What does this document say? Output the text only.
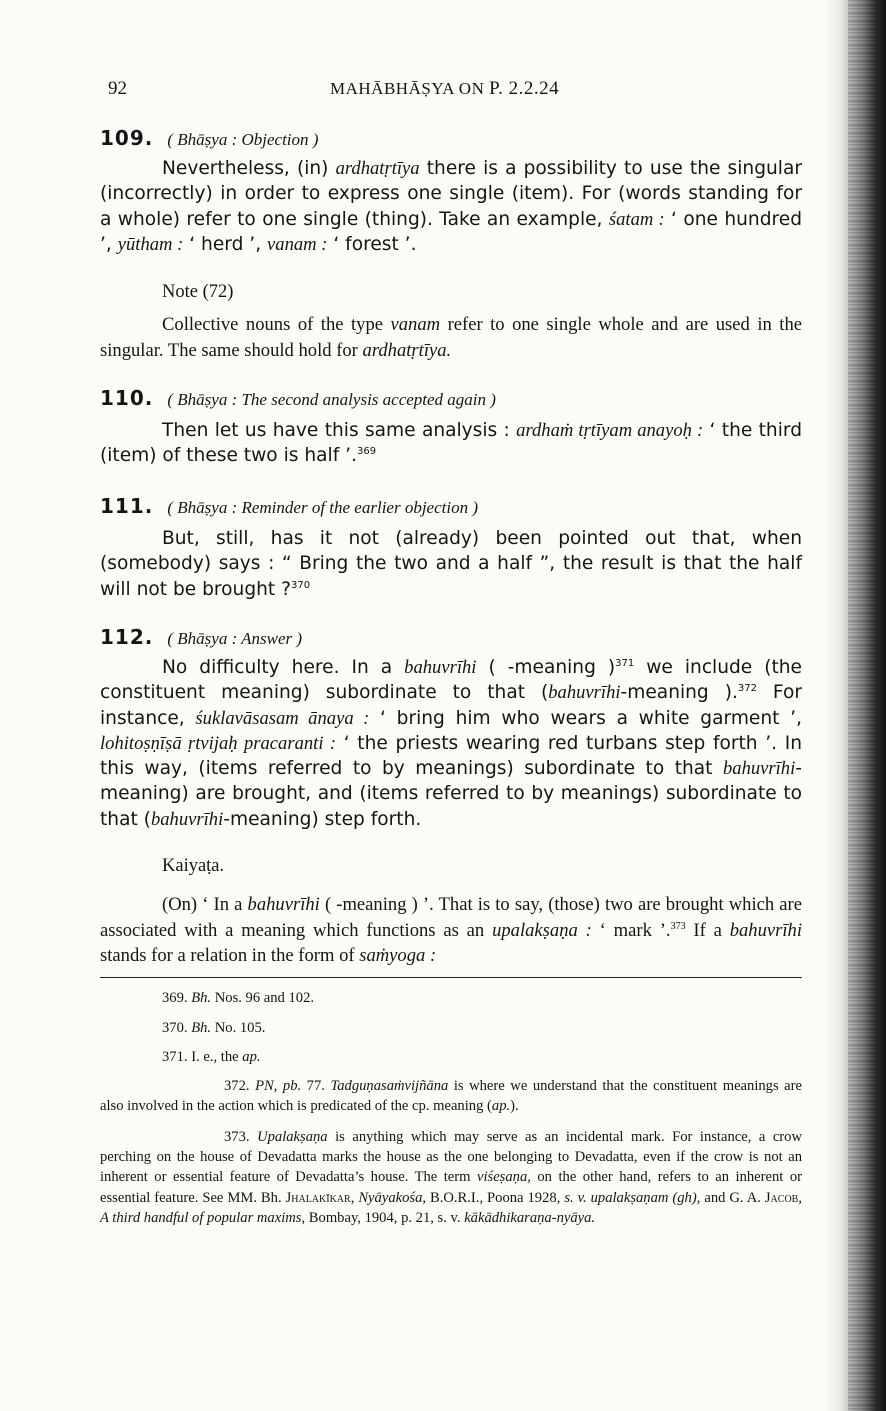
92	MAHĀBHĀṢYA ON P. 2.2.24
109. ( Bhāṣya : Objection )

Nevertheless, (in) ardhatṛtīya there is a possibility to use the singular (incorrectly) in order to express one single (item). For (words standing for a whole) refer to one single (thing). Take an example, śatam : ‘ one hundred ’, yūtham : ‘ herd ’, vanam : ‘ forest ’.

Note (72)

Collective nouns of the type vanam refer to one single whole and are used in the singular. The same should hold for ardhatṛtīya.

110. ( Bhāṣya : The second analysis accepted again )

Then let us have this same analysis : ardhaṁ tṛtīyam anayoḥ : ‘ the third (item) of these two is half ’.$^{369}$

111. ( Bhāṣya : Reminder of the earlier objection )

But, still, has it not (already) been pointed out that, when (somebody) says : “ Bring the two and a half ”, the result is that the half will not be brought ?$^{370}$

112. ( Bhāṣya : Answer )

No difficulty here. In a bahuvrīhi ( -meaning )$^{371}$ we include (the constituent meaning) subordinate to that (bahuvrīhi-meaning ).$^{372}$ For instance, śuklavāsasam ānaya : ‘ bring him who wears a white garment ’, lohitoṣṇīṣā ṛtvijaḥ pracaranti : ‘ the priests wearing red turbans step forth ’. In this way, (items referred to by meanings) subordinate to that bahuvrīhi-meaning) are brought, and (items referred to by meanings) subordinate to that (bahuvrīhi-meaning) step forth.

Kaiyaṭa.

(On) ‘ In a bahuvrīhi ( -meaning ) ’. That is to say, (those) two are brought which are associated with a meaning which functions as an upalakṣaṇa : ‘ mark ’.$^{373}$ If a bahuvrīhi stands for a relation in the form of saṁyoga :

369. Bh. Nos. 96 and 102.

370. Bh. No. 105.

371. I. e., the ap.

372. PN, pb. 77. Tadguṇasaṁvijñāna is where we understand that the constituent meanings are also involved in the action which is predicated of the cp. meaning (ap.).

373. Upalakṣaṇa is anything which may serve as an incidental mark. For instance, a crow perching on the house of Devadatta marks the house as the one belonging to Devadatta, even if the crow is not an inherent or essential feature of Devadatta’s house. The term viśeṣaṇa, on the other hand, refers to an inherent or essential feature. See MM. Bh. Jhalakīkar, Nyāyakośa, B.O.R.I., Poona 1928, s. v. upalakṣaṇam (gh), and G. A. Jacob, A third handful of popular maxims, Bombay, 1904, p. 21, s. v. kākādhikaraṇa-nyāya.
